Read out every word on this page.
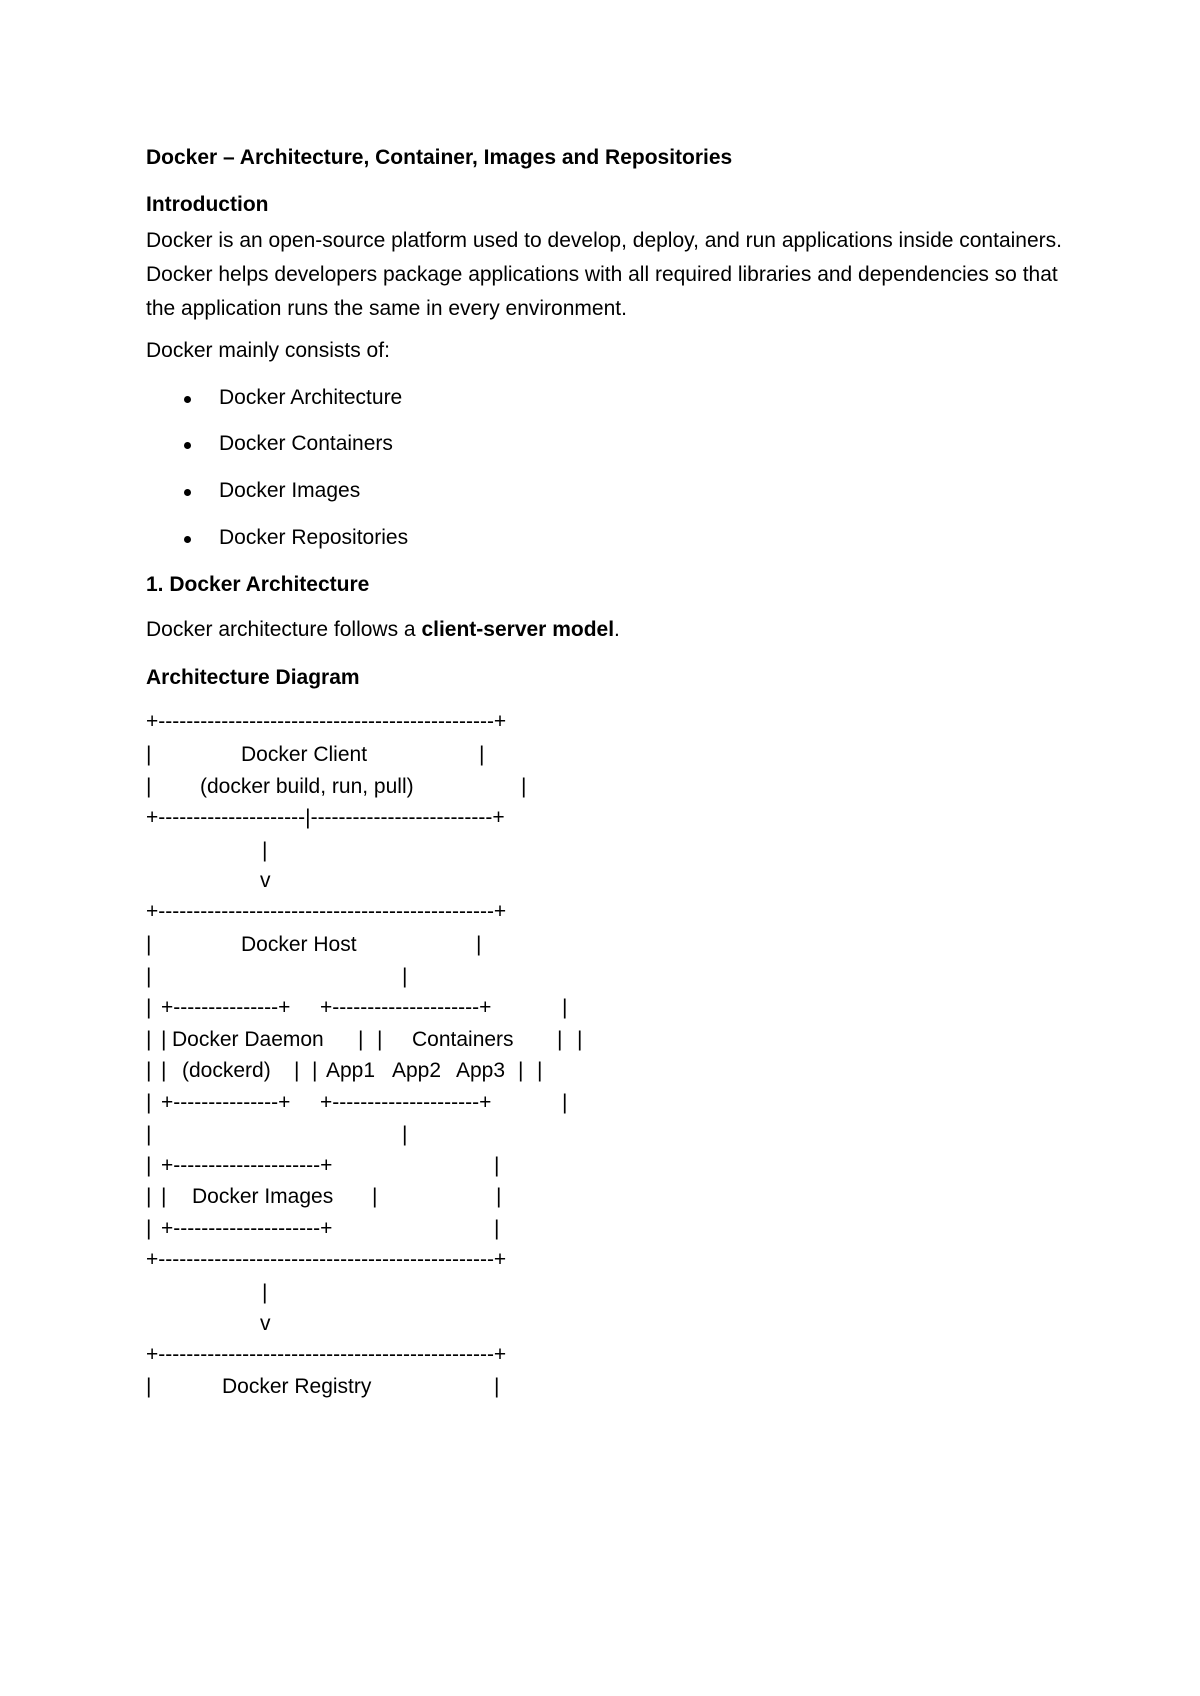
Docker – Architecture, Container, Images and Repositories
Introduction
Docker is an open-source platform used to develop, deploy, and run applications inside containers. Docker helps developers package applications with all required libraries and dependencies so that the application runs the same in every environment.
Docker mainly consists of:
Docker Architecture
Docker Containers
Docker Images
Docker Repositories
1. Docker Architecture
Docker architecture follows a client-server model.
Architecture Diagram
+------------------------------------------------+

|

	Docker Client

	|

|

(docker build, run, pull)

	|

+---------------------|--------------------------+
|
v
+------------------------------------------------+

|

	Docker Host

	|

|

	|

|

+---------------+

+---------------------+

	|

|

|

Docker Daemon

|

|

Containers

|

|

|

|

(dockerd)

|

|

App1

App2

App3

|

|

|

+---------------+

+---------------------+

	|

|

	|

|

+---------------------+

	|

|

|

Docker Images

|

	|

|

+---------------------+

	|

+------------------------------------------------+
|
v
+------------------------------------------------+

|

	Docker Registry

	|
